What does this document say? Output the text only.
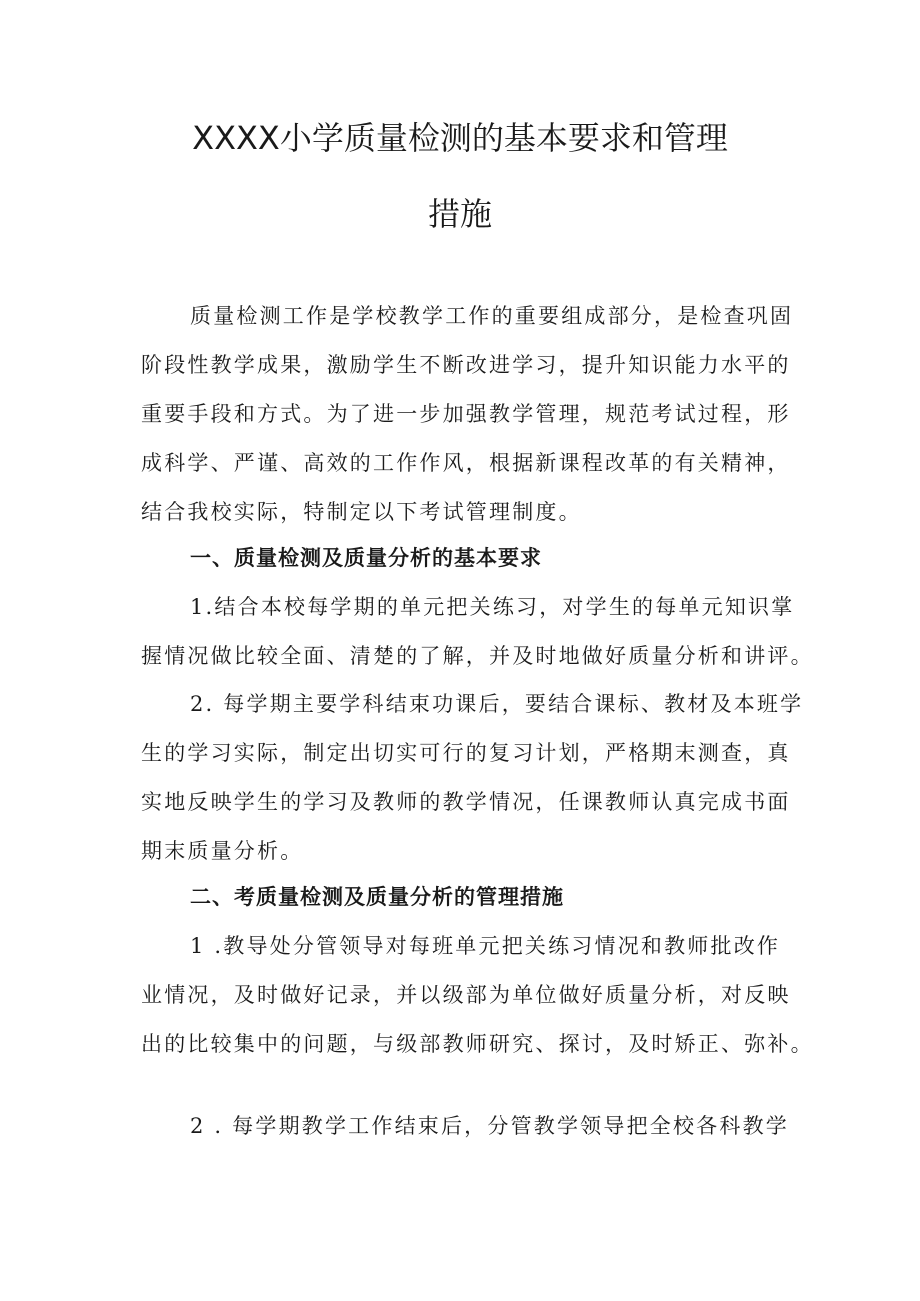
XXXX小学质量检测的基本要求和管理
措施
质量检测工作是学校教学工作的重要组成部分，是检查巩固
阶段性教学成果，激励学生不断改进学习，提升知识能力水平的
重要手段和方式。为了进一步加强教学管理，规范考试过程，形
成科学、严谨、高效的工作作风，根据新课程改革的有关精神，
结合我校实际，特制定以下考试管理制度。
一、质量检测及质量分析的基本要求
1.结合本校每学期的单元把关练习，对学生的每单元知识掌
握情况做比较全面、清楚的了解，并及时地做好质量分析和讲评。
2. 每学期主要学科结束功课后，要结合课标、教材及本班学
生的学习实际，制定出切实可行的复习计划，严格期末测查，真
实地反映学生的学习及教师的教学情况，任课教师认真完成书面
期末质量分析。
二、考质量检测及质量分析的管理措施
1 .教导处分管领导对每班单元把关练习情况和教师批改作
业情况，及时做好记录，并以级部为单位做好质量分析，对反映
出的比较集中的问题，与级部教师研究、探讨，及时矫正、弥补。
2 . 每学期教学工作结束后，分管教学领导把全校各科教学
